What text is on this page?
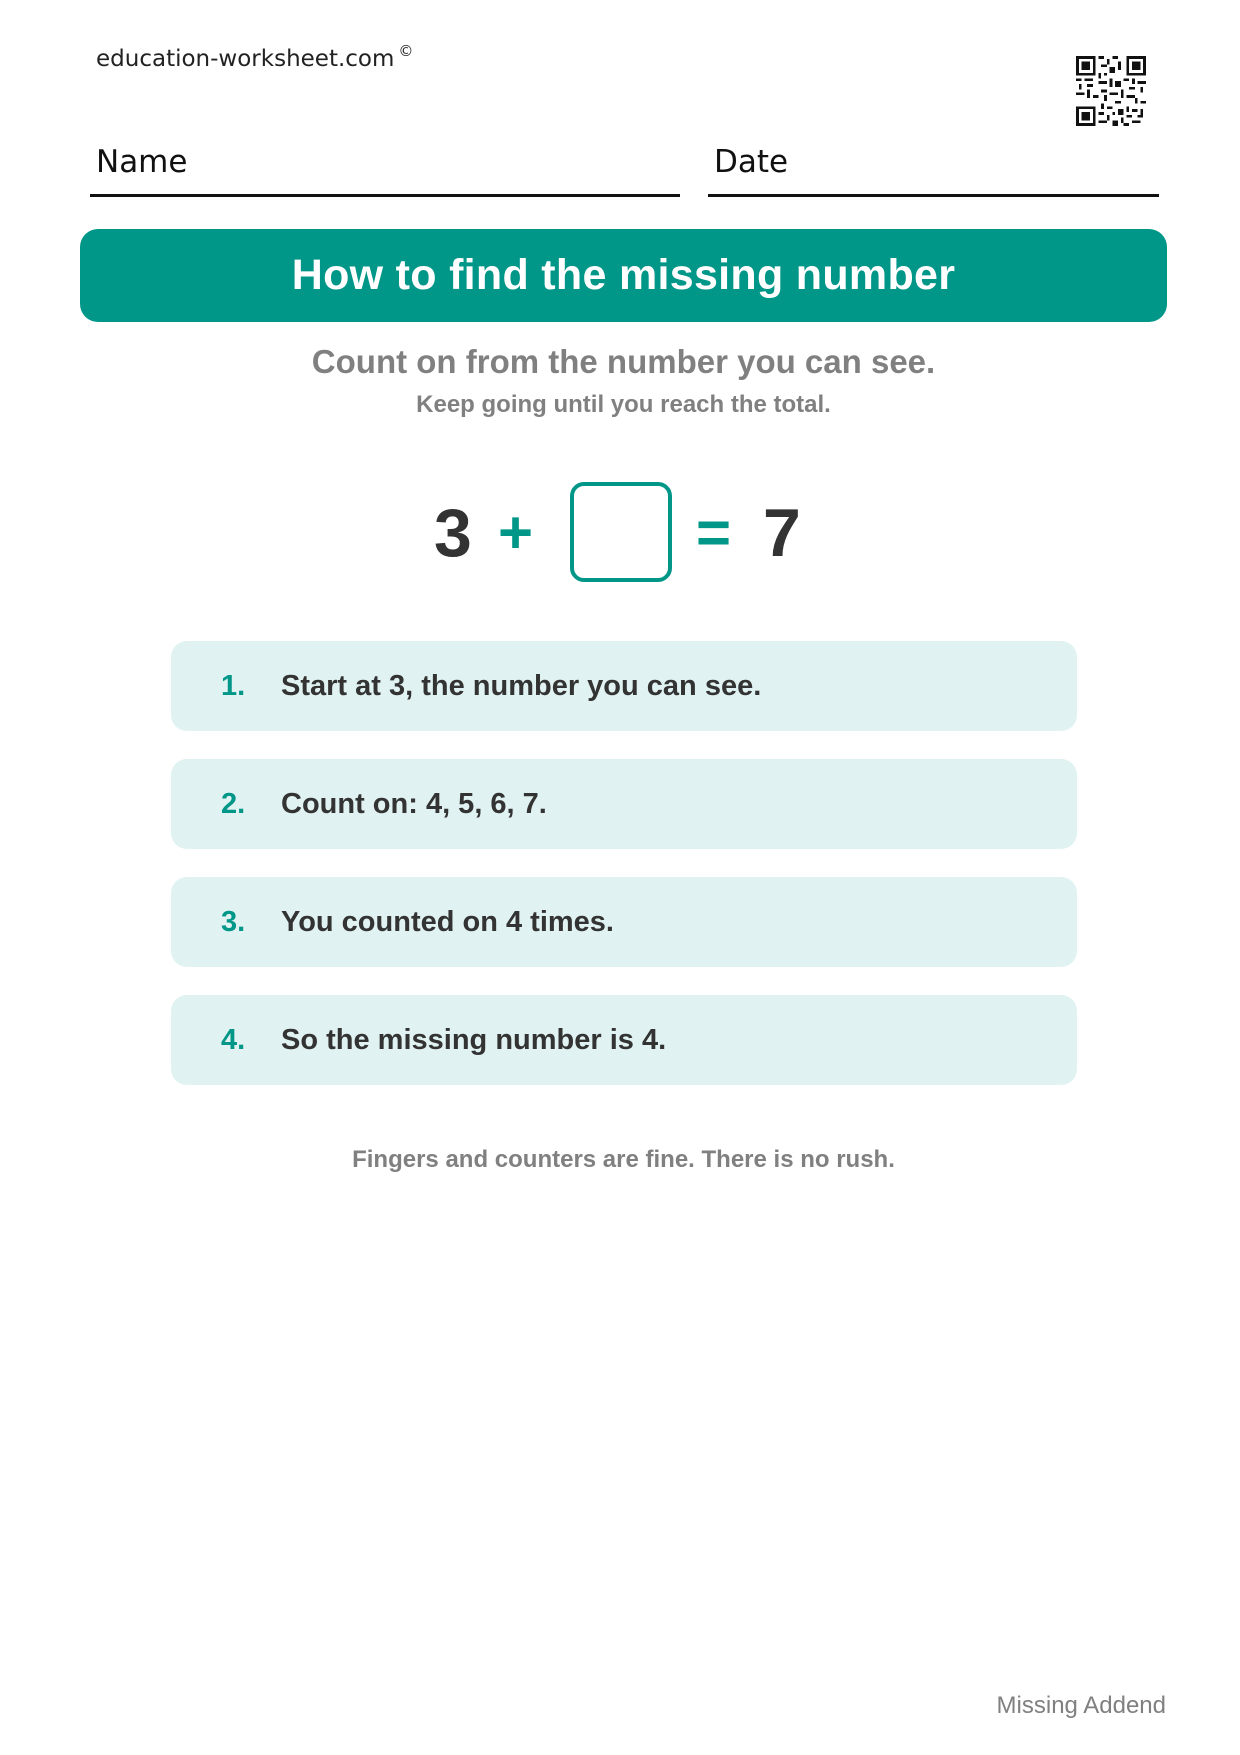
education-worksheet.com ©
Name	Date
How to find the missing number
Count on from the number you can see.
Keep going until you reach the total.
3 +	= 7
1. Start at 3, the number you can see.
2. Count on: 4, 5, 6, 7.
3. You counted on 4 times.
4. So the missing number is 4.
Fingers and counters are fine. There is no rush.
Missing Addend
